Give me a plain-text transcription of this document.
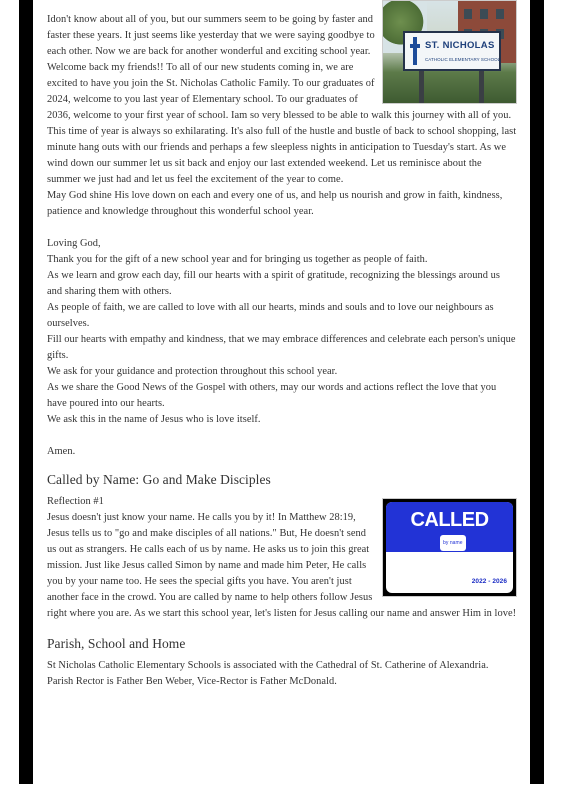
ST. NICHOLAS
CATHOLIC ELEMENTARY SCHOOL

Idon't know about all of you, but our summers seem to be going by faster and faster these years. It just seems like yesterday that we were saying goodbye to each other. Now we are back for another wonderful and exciting school year. Welcome back my friends!! To all of our new students coming in, we are excited to have you join the St. Nicholas Catholic Family. To our graduates of 2024, welcome to you last year of Elementary school. To our graduates of 2036, welcome to your first year of school. Iam so very blessed to be able to walk this journey with all of you. This time of year is always so exhilarating. It's also full of the hustle and bustle of back to school shopping, last minute hang outs with our friends and perhaps a few sleepless nights in anticipation to Tuesday's start. As we wind down our summer let us sit back and enjoy our last extended weekend. Let us reminisce about the summer we just had and let us feel the excitement of the year to come.

May God shine His love down on each and every one of us, and help us nourish and grow in faith, kindness, patience and knowledge throughout this wonderful school year.

Loving God,

Thank you for the gift of a new school year and for bringing us together as people of faith.

As we learn and grow each day, fill our hearts with a spirit of gratitude, recognizing the blessings around us and sharing them with others.

As people of faith, we are called to love with all our hearts, minds and souls and to love our neighbours as ourselves.

Fill our hearts with empathy and kindness, that we may embrace differences and celebrate each person's unique gifts.

We ask for your guidance and protection throughout this school year.

As we share the Good News of the Gospel with others, may our words and actions reflect the love that you have poured into our hearts.

We ask this in the name of Jesus who is love itself.

Amen.

Called by Name: Go and Make Disciples
CALLED
by name
2022 - 2026

Reflection #1

Jesus doesn't just know your name. He calls you by it! In Matthew 28:19, Jesus tells us to "go and make disciples of all nations." But, He doesn't send us out as strangers. He calls each of us by name. He asks us to join this great mission. Just like Jesus called Simon by name and made him Peter, He calls you by your name too. He sees the special gifts you have. You aren't just another face in the crowd. You are called by name to help others follow Jesus right where you are. As we start this school year, let's listen for Jesus calling our name and answer Him in love!

Parish, School and Home

St Nicholas Catholic Elementary Schools is associated with the Cathedral of St. Catherine of Alexandria. Parish Rector is Father Ben Weber, Vice-Rector is Father McDonald.
